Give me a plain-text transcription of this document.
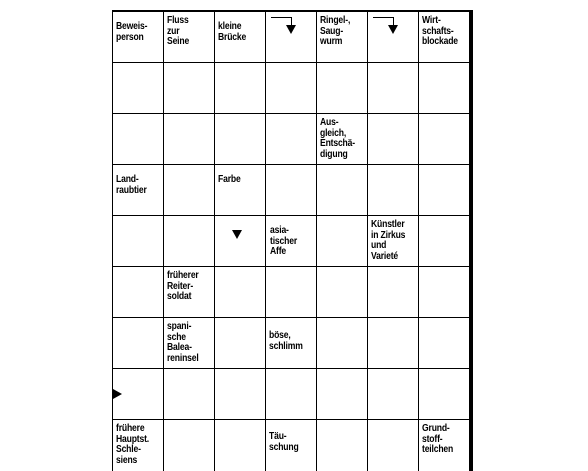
Beweis-
person
Fluss
zur
Seine
kleine
Brücke
Ringel-,
Saug-
wurm
Wirt-
schafts-
blockade
Aus-
gleich,
Entschä-
digung
Land-
raubtier
Farbe
asia-
tischer
Affe
Künstler
in Zirkus
und
Varieté
früherer
Reiter-
soldat
spani-
sche
Balea-
reninsel
böse,
schlimm
frühere
Hauptst.
Schle-
siens
Täu-
schung
Grund-
stoff-
teilchen
